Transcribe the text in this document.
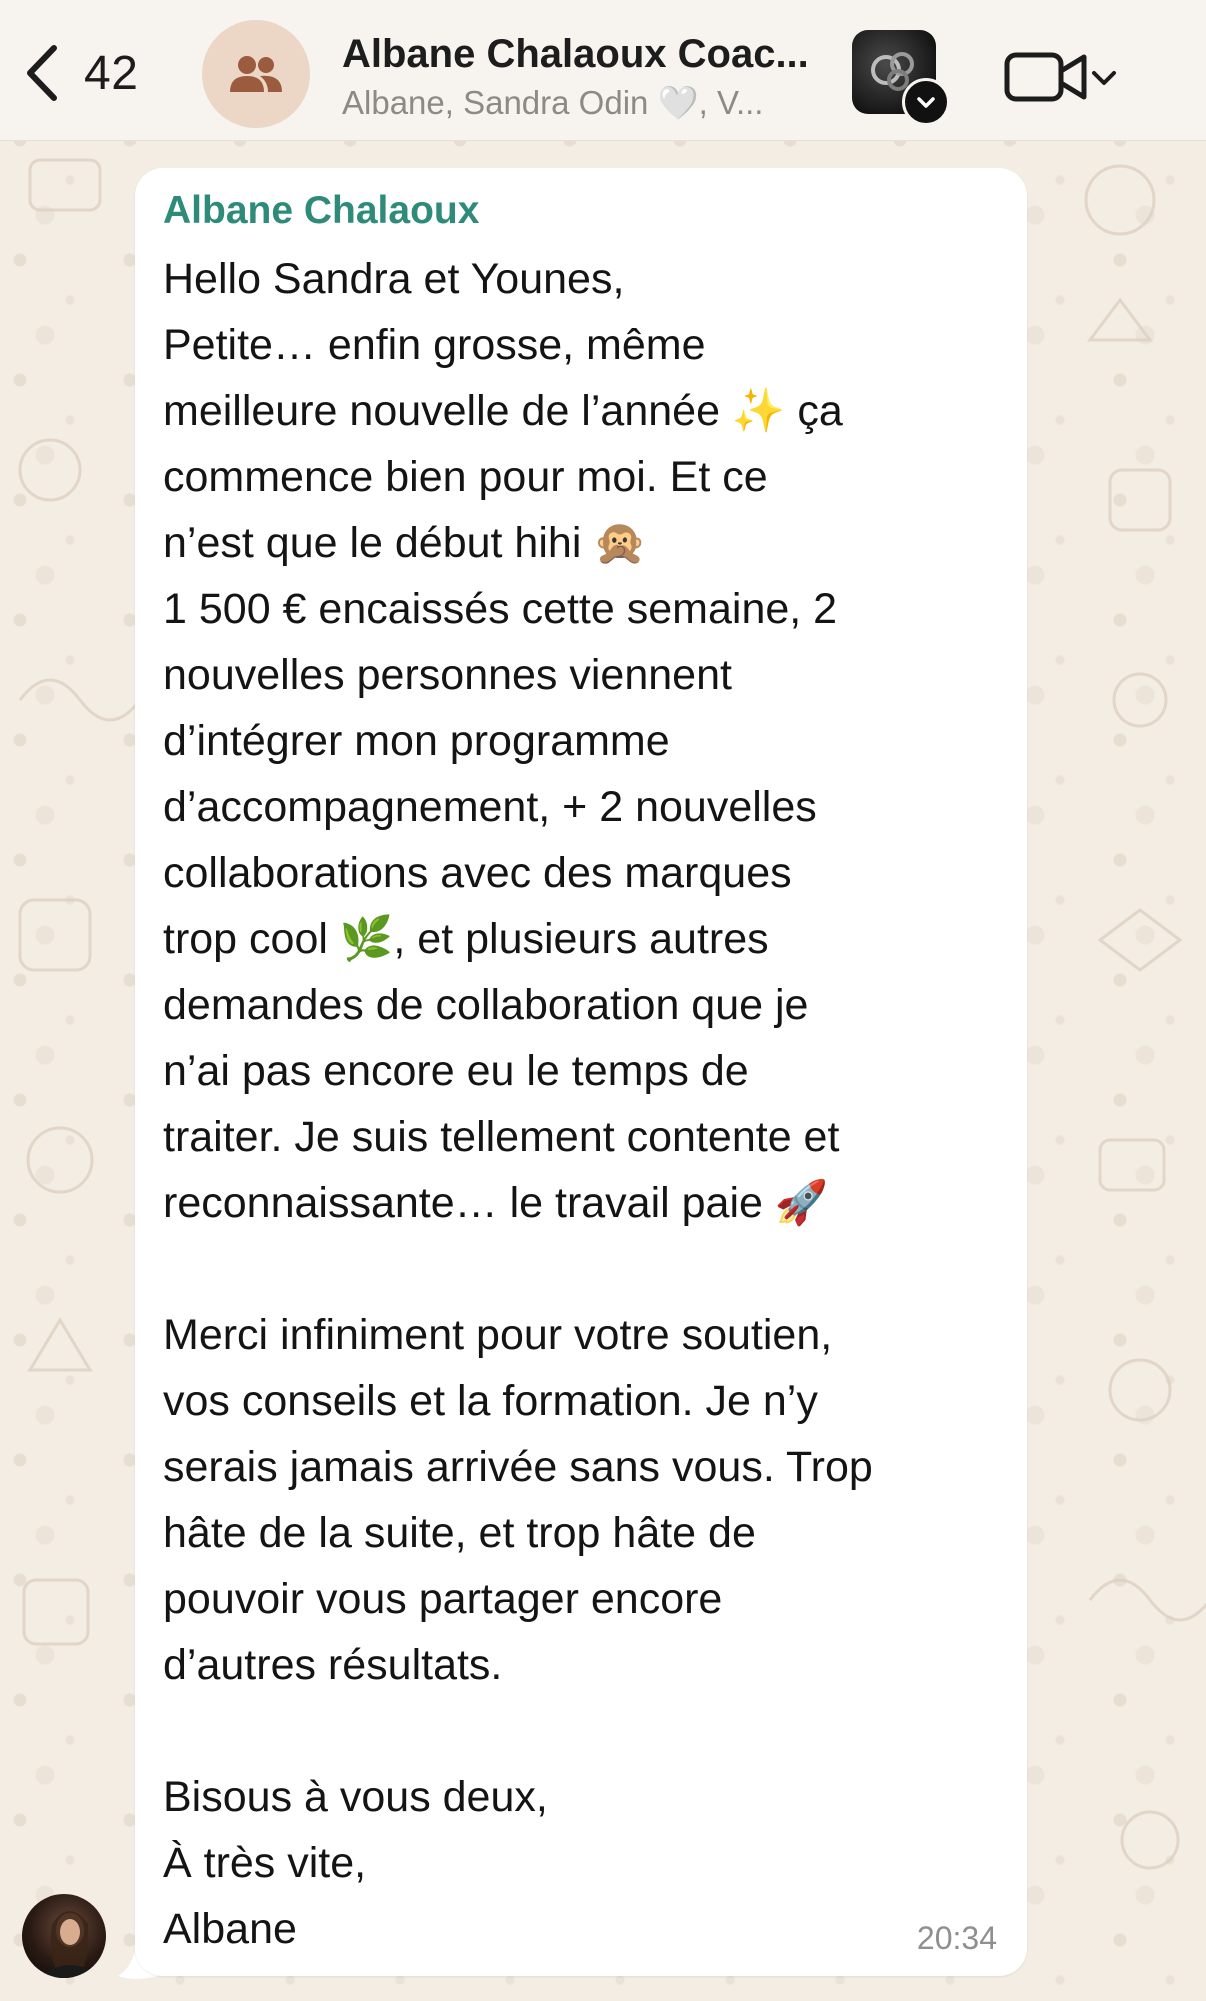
42	Albane Chalaoux Coac...
Albane, Sandra Odin 🤍, V...
Albane Chalaoux
Hello Sandra et Younes,
Petite… enfin grosse, même
meilleure nouvelle de l’année ✨ ça
commence bien pour moi. Et ce
n’est que le début hihi 🙊
1 500 € encaissés cette semaine, 2
nouvelles personnes viennent
d’intégrer mon programme
d’accompagnement, + 2 nouvelles
collaborations avec des marques
trop cool 🌿, et plusieurs autres
demandes de collaboration que je
n’ai pas encore eu le temps de
traiter. Je suis tellement contente et
reconnaissante… le travail paie 🚀
Merci infiniment pour votre soutien,
vos conseils et la formation. Je n’y
serais jamais arrivée sans vous. Trop
hâte de la suite, et trop hâte de
pouvoir vous partager encore
d’autres résultats.
Bisous à vous deux,
À très vite,
Albane	20:34
